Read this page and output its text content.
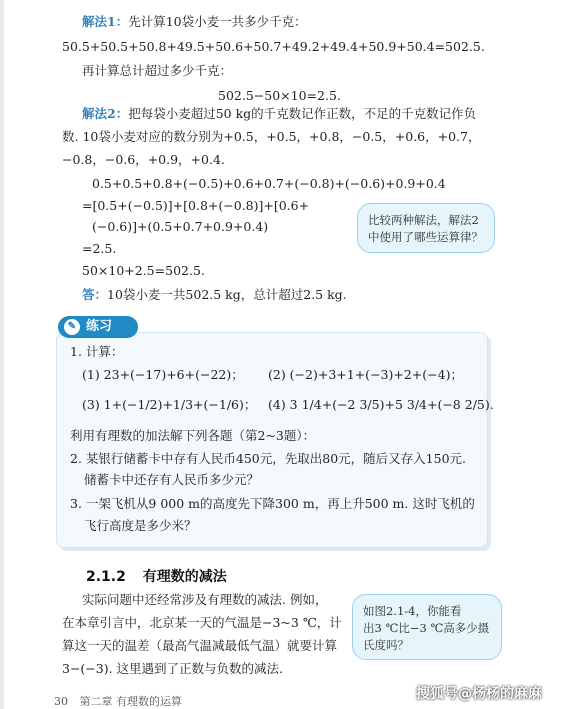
解法1：先计算10袋小麦一共多少千克：
50.5+50.5+50.8+49.5+50.6+50.7+49.2+49.4+50.9+50.4=502.5.
再计算总计超过多少千克：
502.5−50×10=2.5.
解法2：把每袋小麦超过50 kg的千克数记作正数，不足的千克数记作负
数. 10袋小麦对应的数分别为+0.5，+0.5，+0.8，−0.5，+0.6，+0.7，
−0.8，−0.6，+0.9，+0.4.
0.5+0.5+0.8+(−0.5)+0.6+0.7+(−0.8)+(−0.6)+0.9+0.4
=[0.5+(−0.5)]+[0.8+(−0.8)]+[0.6+
(−0.6)]+(0.5+0.7+0.9+0.4)
=2.5.
50×10+2.5=502.5.
答：10袋小麦一共502.5 kg，总计超过2.5 kg.
比较两种解法，解法2
中使用了哪些运算律？
✎ 练习
1. 计算：
(1) 23+(−17)+6+(−22)； (2) (−2)+3+1+(−3)+2+(−4)；
(3) 1+(−1/2)+1/3+(−1/6)； (4) 3 1/4+(−2 3/5)+5 3/4+(−8 2/5).
利用有理数的加法解下列各题（第2~3题）：
2. 某银行储蓄卡中存有人民币450元，先取出80元，随后又存入150元.
储蓄卡中还存有人民币多少元？
3. 一架飞机从9 000 m的高度先下降300 m，再上升500 m. 这时飞机的
飞行高度是多少米？
2.1.2 有理数的减法
实际问题中还经常涉及有理数的减法. 例如，
在本章引言中，北京某一天的气温是−3~3 ℃，计
算这一天的温差（最高气温减最低气温）就要计算
3−(−3). 这里遇到了正数与负数的减法.
如图2.1-4，你能看
出3 ℃比−3 ℃高多少摄
氏度吗？
30 第二章 有理数的运算	搜狐号@杨杨的麻麻
